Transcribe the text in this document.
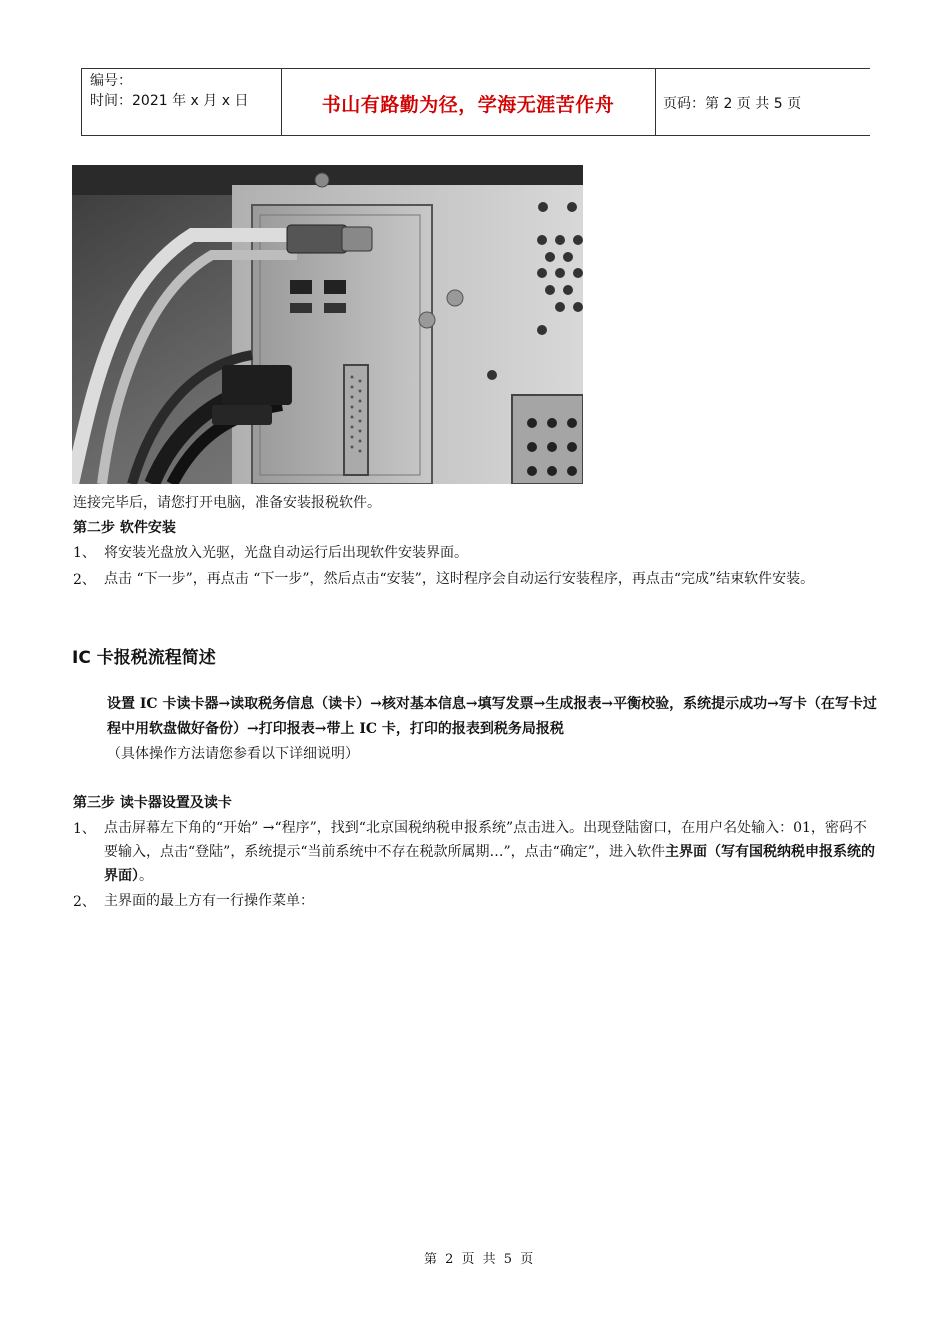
编号：
时间：2021 年 x 月 x 日	书山有路勤为径，学海无涯苦作舟	页码：第 2 页 共 5 页
连接完毕后，请您打开电脑，准备安装报税软件。
第二步 软件安装
1、 将安装光盘放入光驱，光盘自动运行后出现软件安装界面。
2、 点击 “下一步”，再点击 “下一步”，然后点击“安装”，这时程序会自动运行安装程序，再点击“完成”结束软件安装。
IC 卡报税流程简述
设置 IC 卡读卡器→读取税务信息（读卡）→核对基本信息→填写发票→生成报表→平衡校验，系统提示成功→写卡（在写卡过程中用软盘做好备份）→打印报表→带上 IC 卡，打印的报表到税务局报税
（具体操作方法请您参看以下详细说明）
第三步 读卡器设置及读卡
1、 点击屏幕左下角的“开始” →“程序”，找到“北京国税纳税申报系统”点击进入。出现登陆窗口，在用户名处输入：01，密码不要输入，点击“登陆”，系统提示“当前系统中不存在税款所属期…”，点击“确定”，进入软件主界面（写有国税纳税申报系统的界面）。
2、 主界面的最上方有一行操作菜单：
第 2 页 共 5 页
